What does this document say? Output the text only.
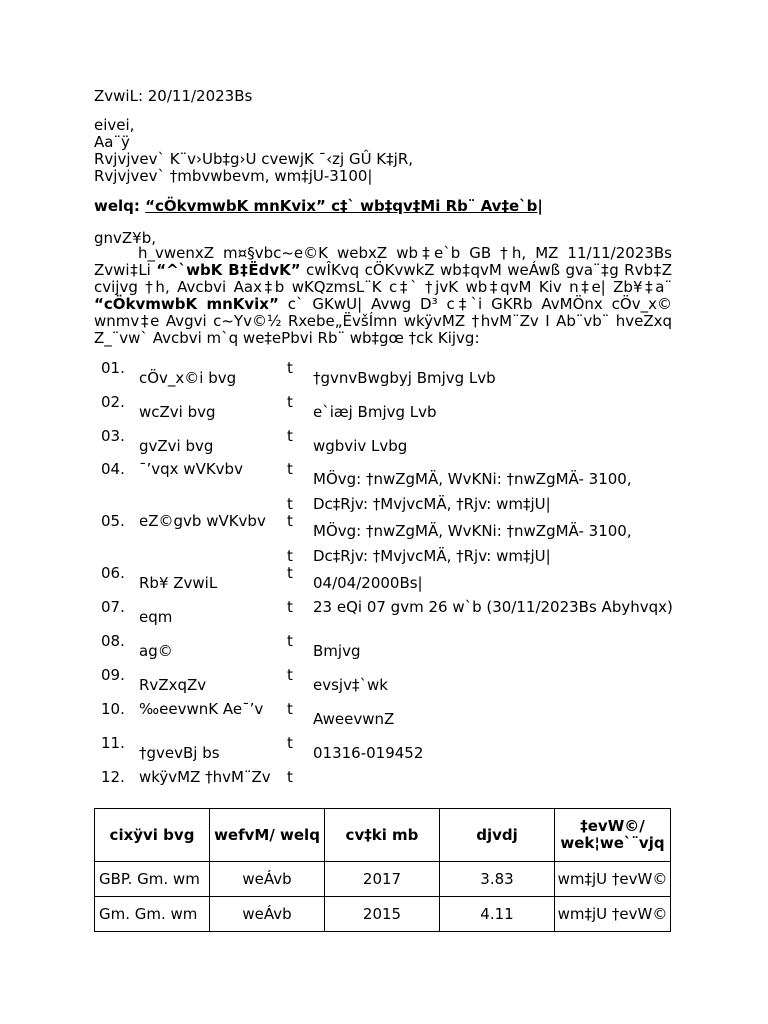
ZvwiL: 20/11/2023Bs
eivei,
Aa¨ÿ
Rvjvjvev` K¨v›Ub‡g›U cvewjK ¯‹zj GÛ K‡jR,
Rvjvjvev` †mbvwbevm, wm‡jU-3100|
welq: “cÖkvmwbK mnKvix” c‡` wb‡qv‡Mi Rb¨ Av‡e`b|
gnvZ¥b,

h_vwenxZ m¤§vbc~e©K webxZ wb‡e`b GB †h, MZ 11/11/2023Bs Zvwi‡Li “^`wbK B‡ËdvK” cwÎKvq cÖKvwkZ wb‡qvM weÁwß gva¨‡g Rvb‡Z cvijvg †h, Avcbvi Aax‡b wKQzmsL¨K c‡` †jvK wb‡qvM Kiv n‡e| Zb¥‡a¨ “cÖkvmwbK mnKvix” c` GKwU| Avwg D³ c‡`i GKRb AvMÖnx cÖv_x© wnmv‡e Avgvi c~Yv©½ Rxebe„ËvšÍmn wkÿvMZ †hvM¨Zv I Ab¨vb¨ hveZxq Z_¨vw` Avcbvi m`q we‡ePbvi Rb¨ wb‡gœ †ck Kijvg:

01.	cÖv_x©i bvg	t	†gvnvBwgbyj Bmjvg Lvb
02.	wcZvi bvg	t	e`iæj Bmjvg Lvb
03.	gvZvi bvg	t	wgbviv Lvbg
04.	¯’vqx wVKvbv	t	MÖvg: †nwZgMÄ, WvKNi: †nwZgMÄ- 3100,
		t	Dc‡Rjv: †MvjvcMÄ, †Rjv: wm‡jU|
05.	eZ©gvb wVKvbv	t	MÖvg: †nwZgMÄ, WvKNi: †nwZgMÄ- 3100,
		t	Dc‡Rjv: †MvjvcMÄ, †Rjv: wm‡jU|
06.	Rb¥ ZvwiL	t	04/04/2000Bs|
07.	eqm	t	23 eQi 07 gvm 26 w`b (30/11/2023Bs Abyhvqx)
08.	ag©	t	Bmjvg
09.	RvZxqZv	t	evsjv‡`wk
10.	‰eevwnK Ae¯’v	t	AweevwnZ
11.	†gvevBj bs	t	01316-019452
12.	wkÿvMZ †hvM¨Zv	t	
cixÿvi bvg	wefvM/ welq	cv‡ki mb	djvdj	‡evW©/ wek¦we`¨vjq
GBP. Gm. wm	weÁvb	2017	3.83	wm‡jU †evW©
Gm. Gm. wm	weÁvb	2015	4.11	wm‡jU †evW©
